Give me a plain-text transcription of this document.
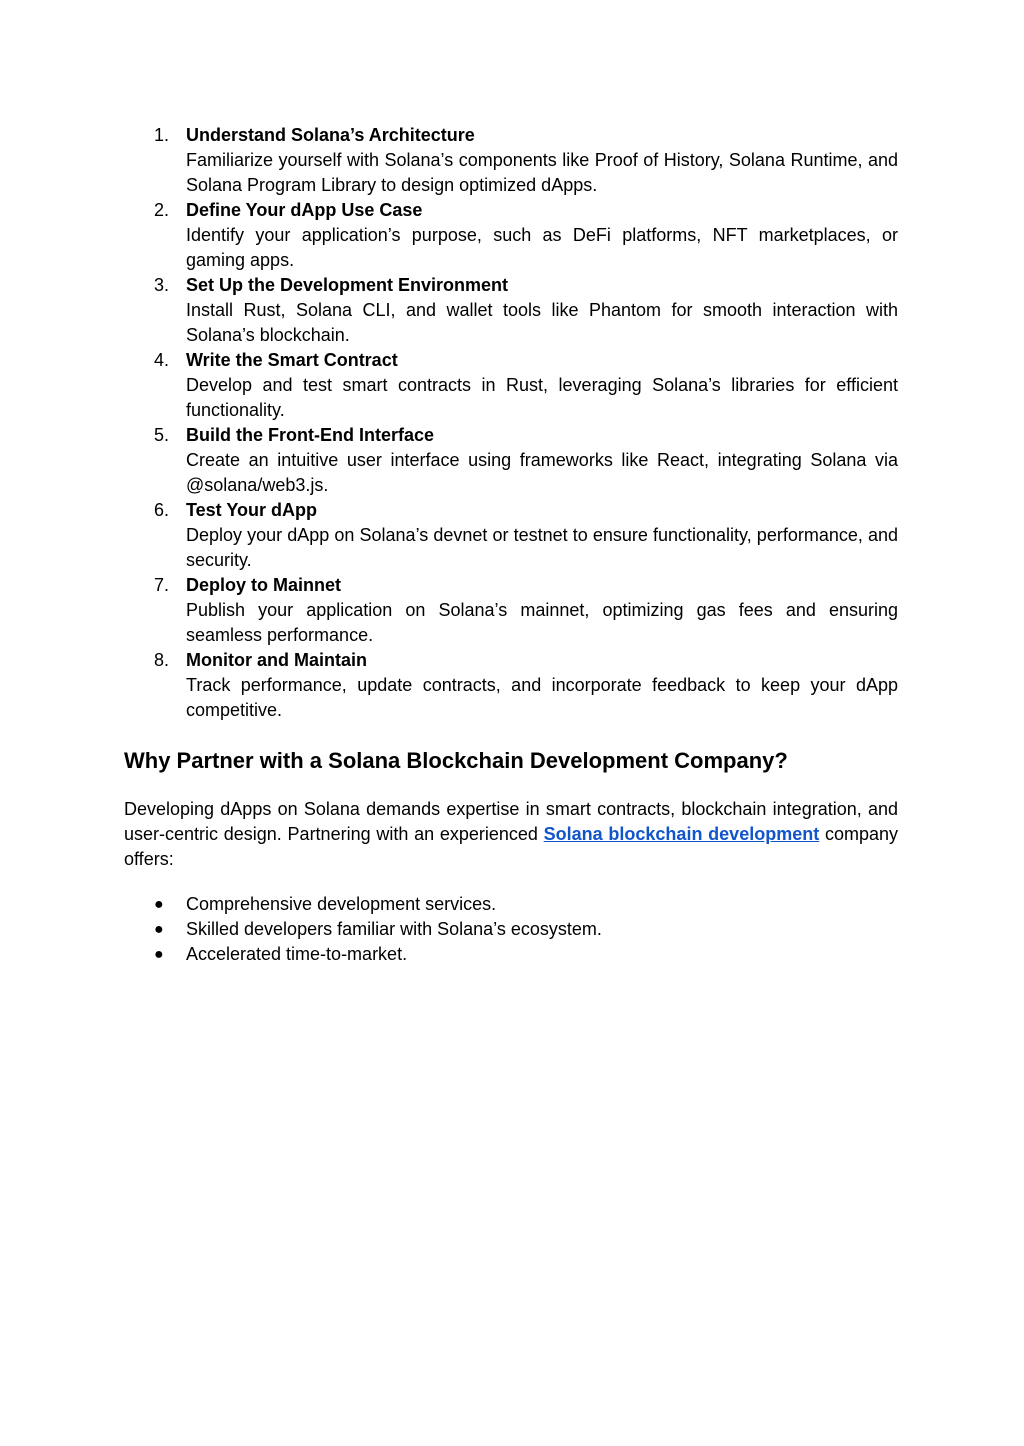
1. Understand Solana’s Architecture
Familiarize yourself with Solana’s components like Proof of History, Solana Runtime, and Solana Program Library to design optimized dApps.
2. Define Your dApp Use Case
Identify your application’s purpose, such as DeFi platforms, NFT marketplaces, or gaming apps.
3. Set Up the Development Environment
Install Rust, Solana CLI, and wallet tools like Phantom for smooth interaction with Solana’s blockchain.
4. Write the Smart Contract
Develop and test smart contracts in Rust, leveraging Solana’s libraries for efficient functionality.
5. Build the Front-End Interface
Create an intuitive user interface using frameworks like React, integrating Solana via @solana/web3.js.
6. Test Your dApp
Deploy your dApp on Solana’s devnet or testnet to ensure functionality, performance, and security.
7. Deploy to Mainnet
Publish your application on Solana’s mainnet, optimizing gas fees and ensuring seamless performance.
8. Monitor and Maintain
Track performance, update contracts, and incorporate feedback to keep your dApp competitive.
Why Partner with a Solana Blockchain Development Company?

Developing dApps on Solana demands expertise in smart contracts, blockchain integration, and user-centric design. Partnering with an experienced Solana blockchain development company offers:

● Comprehensive development services.
● Skilled developers familiar with Solana’s ecosystem.
● Accelerated time-to-market.
